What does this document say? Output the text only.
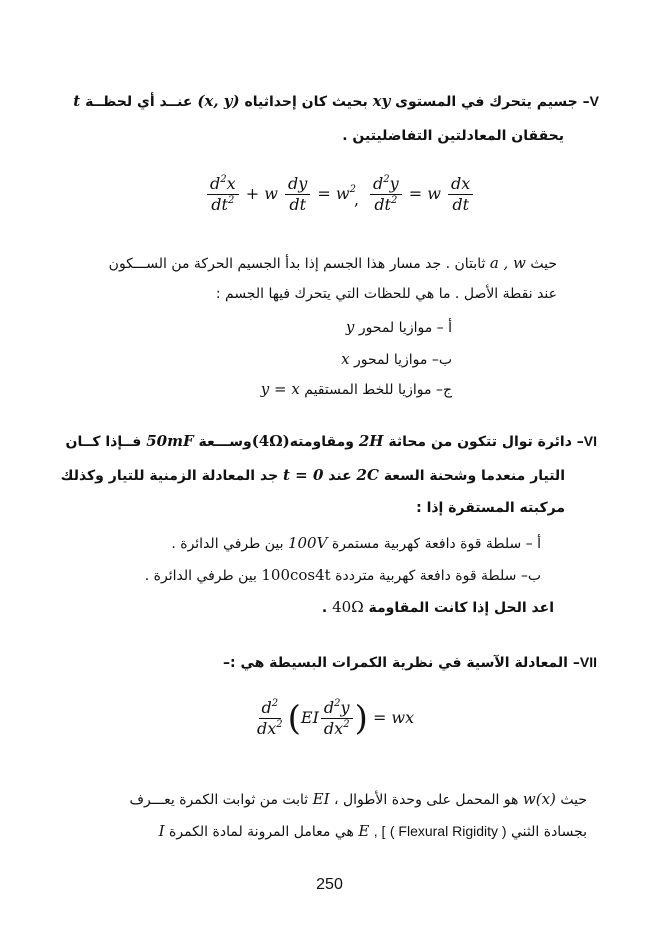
V– جسيم يتحرك في المستوى xy بحيث كان إحداثياه (x, y) عنــد أي لحظــة t
يحققان المعادلتين التفاضليتين .
$\frac{d^2x}{dt^2} + w \frac{dy}{dt} = w^2$
, $\frac{d^2y}{dt^2} = w \frac{dx}{dt}$
حيث a , w ثابتان . جد مسار هذا الجسم إذا بدأ الجسيم الحركة من الســـكون
عند نقطة الأصل . ما هي للحظات التي يتحرك فيها الجسم :
أ – موازيا لمحور y
ب– موازيا لمحور x
ج– موازيا للخط المستقيم y = x
VI– دائرة توال تتكون من محاثة 2H ومقاومته(4Ω)وســـعة 50mF فــإذا كــان
التيار منعدما وشحنة السعة 2C عند t = 0 جد المعادلة الزمنية للتيار وكذلك
مركبته المستقرة إذا :
أ – سلطة قوة دافعة كهربية مستمرة 100V بين طرفي الدائرة .
ب– سلطة قوة دافعة كهربية مترددة 100cos4t بين طرفي الدائرة .
اعد الحل إذا كانت المقاومة 40Ω .
VII– المعادلة الآسية في نظرية الكمرات البسيطة هي :–
$\frac{d^2}{dx^2} (EI \frac{d^2y}{dx^2}$ ) = wx
حيث w(x) هو المحمل على وحدة الأطوال ، EI ثابت من ثوابت الكمرة يعـــرف
بجسادة الثني ( Flexural Rigidity ) , [ E هي معامل المرونة لمادة الكمرة I
250
